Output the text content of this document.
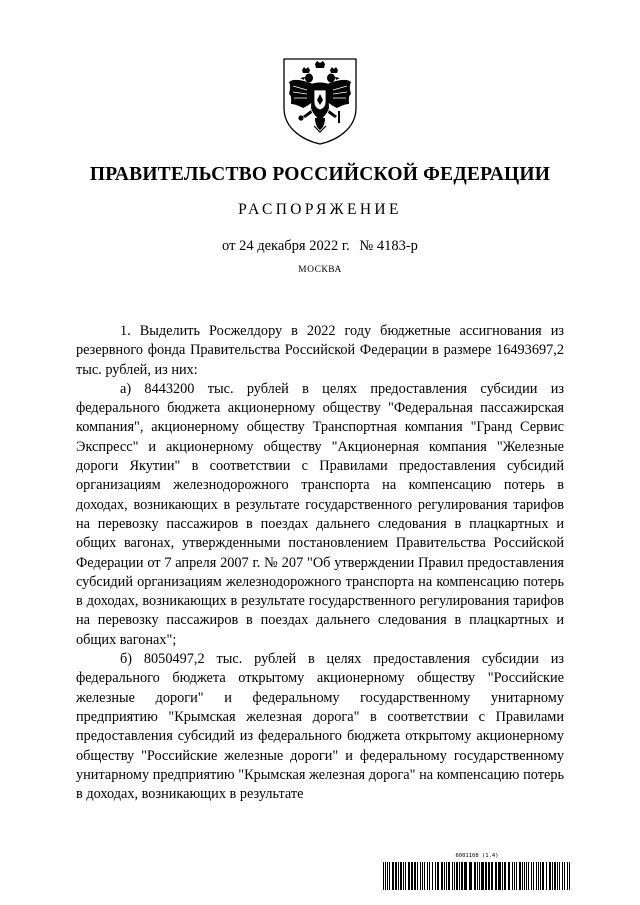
ПРАВИТЕЛЬСТВО РОССИЙСКОЙ ФЕДЕРАЦИИ
РАСПОРЯЖЕНИЕ
от 24 декабря 2022 г. № 4183-р
МОСКВА

1. Выделить Росжелдору в 2022 году бюджетные ассигнования из резервного фонда Правительства Российской Федерации в размере 16493697,2 тыс. рублей, из них:

а) 8443200 тыс. рублей в целях предоставления субсидии из федерального бюджета акционерному обществу "Федеральная пассажирская компания", акционерному обществу Транспортная компания "Гранд Сервис Экспресс" и акционерному обществу "Акционерная компания "Железные дороги Якутии" в соответствии с Правилами предоставления субсидий организациям железнодорожного транспорта на компенсацию потерь в доходах, возникающих в результате государственного регулирования тарифов на перевозку пассажиров в поездах дальнего следования в плацкартных и общих вагонах, утвержденными постановлением Правительства Российской Федерации от 7 апреля 2007 г. № 207 "Об утверждении Правил предоставления субсидий организациям железнодорожного транспорта на компенсацию потерь в доходах, возникающих в результате государственного регулирования тарифов на перевозку пассажиров в поездах дальнего следования в плацкартных и общих вагонах";

б) 8050497,2 тыс. рублей в целях предоставления субсидии из федерального бюджета открытому акционерному обществу "Российские железные дороги" и федеральному государственному унитарному предприятию "Крымская железная дорога" в соответствии с Правилами предоставления субсидий из федерального бюджета открытому акционерному обществу "Российские железные дороги" и федеральному государственному унитарному предприятию "Крымская железная дорога" на компенсацию потерь в доходах, возникающих в результате

6001108 (1.4)
